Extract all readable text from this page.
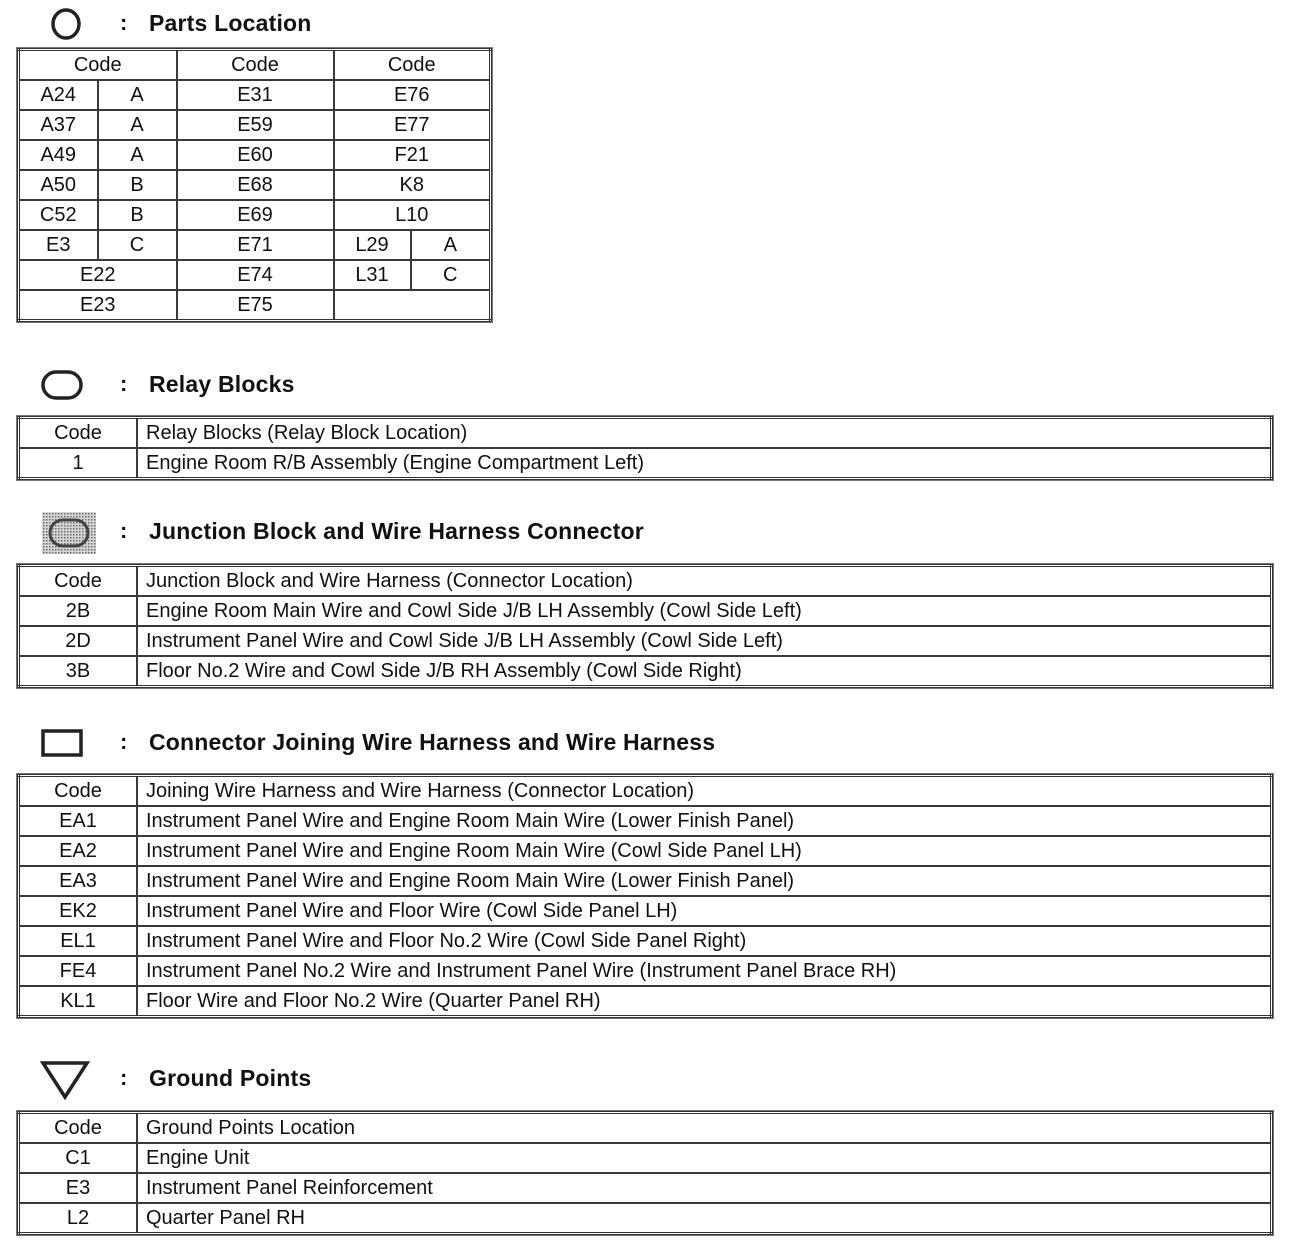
: Parts Location
Code		Code	Code	
A24	A	E31	E76	
A37	A	E59	E77	
A49	A	E60	F21	
A50	B	E68	K8	
C52	B	E69	L10	
E3	C	E71	L29	A
E22		E74	L31	C
E23		E75		
: Relay Blocks
Code	Relay Blocks (Relay Block Location)
1	Engine Room R/B Assembly (Engine Compartment Left)
: Junction Block and Wire Harness Connector
Code	Junction Block and Wire Harness (Connector Location)
2B	Engine Room Main Wire and Cowl Side J/B LH Assembly (Cowl Side Left)
2D	Instrument Panel Wire and Cowl Side J/B LH Assembly (Cowl Side Left)
3B	Floor No.2 Wire and Cowl Side J/B RH Assembly (Cowl Side Right)
: Connector Joining Wire Harness and Wire Harness
Code	Joining Wire Harness and Wire Harness (Connector Location)
EA1	Instrument Panel Wire and Engine Room Main Wire (Lower Finish Panel)
EA2	Instrument Panel Wire and Engine Room Main Wire (Cowl Side Panel LH)
EA3	Instrument Panel Wire and Engine Room Main Wire (Lower Finish Panel)
EK2	Instrument Panel Wire and Floor Wire (Cowl Side Panel LH)
EL1	Instrument Panel Wire and Floor No.2 Wire (Cowl Side Panel Right)
FE4	Instrument Panel No.2 Wire and Instrument Panel Wire (Instrument Panel Brace RH)
KL1	Floor Wire and Floor No.2 Wire (Quarter Panel RH)
: Ground Points
Code	Ground Points Location
C1	Engine Unit
E3	Instrument Panel Reinforcement
L2	Quarter Panel RH
